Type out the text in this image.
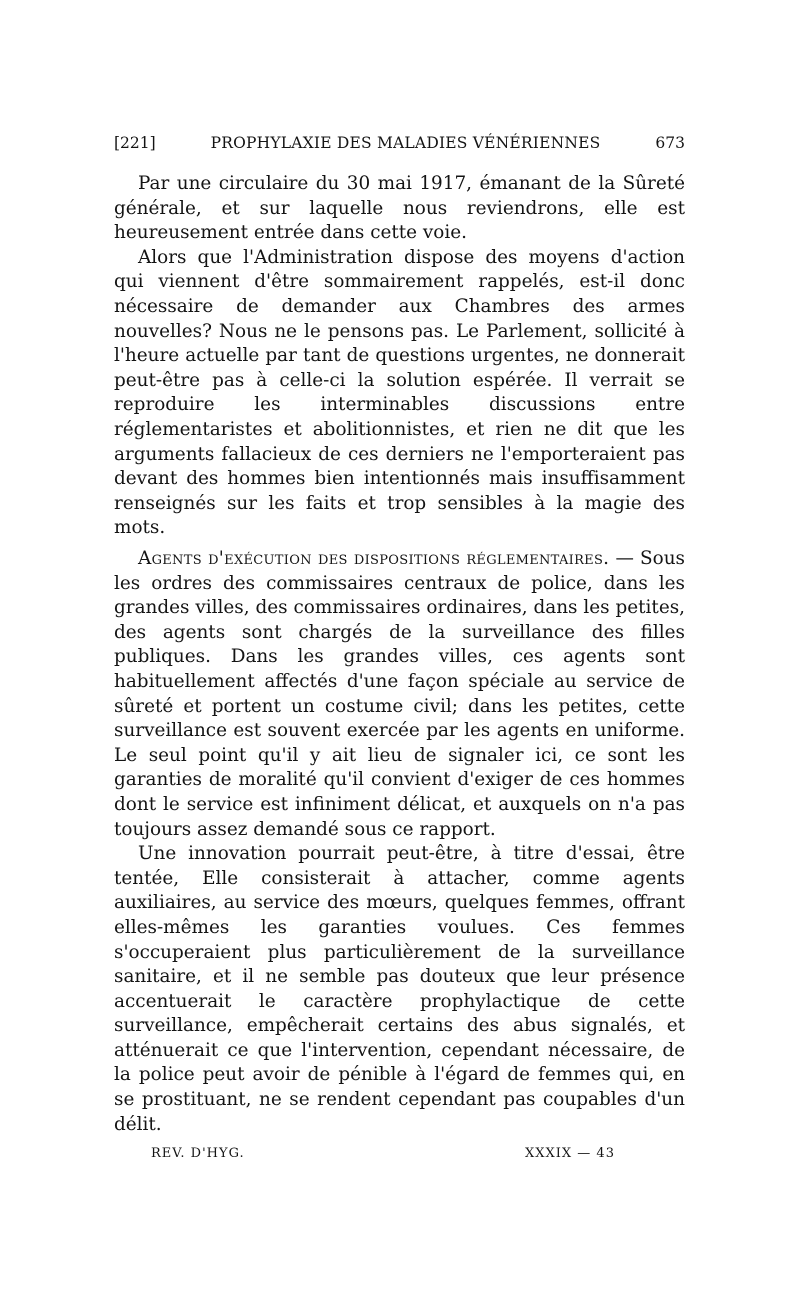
[221]	PROPHYLAXIE DES MALADIES VÉNÉRIENNES	673

Par une circulaire du 30 mai 1917, émanant de la Sûreté générale, et sur laquelle nous reviendrons, elle est heureusement entrée dans cette voie.

Alors que l'Administration dispose des moyens d'action qui viennent d'être sommairement rappelés, est-il donc nécessaire de demander aux Chambres des armes nouvelles? Nous ne le pensons pas. Le Parlement, sollicité à l'heure actuelle par tant de questions urgentes, ne donnerait peut-être pas à celle-ci la solution espérée. Il verrait se reproduire les interminables discussions entre réglementaristes et abolitionnistes, et rien ne dit que les arguments fallacieux de ces derniers ne l'emporteraient pas devant des hommes bien intentionnés mais insuffisamment renseignés sur les faits et trop sensibles à la magie des mots.

Agents d'exécution des dispositions réglementaires. — Sous les ordres des commissaires centraux de police, dans les grandes villes, des commissaires ordinaires, dans les petites, des agents sont chargés de la surveillance des filles publiques. Dans les grandes villes, ces agents sont habituellement affectés d'une façon spéciale au service de sûreté et portent un costume civil; dans les petites, cette surveillance est souvent exercée par les agents en uniforme. Le seul point qu'il y ait lieu de signaler ici, ce sont les garanties de moralité qu'il convient d'exiger de ces hommes dont le service est infiniment délicat, et auxquels on n'a pas toujours assez demandé sous ce rapport.

Une innovation pourrait peut-être, à titre d'essai, être tentée, Elle consisterait à attacher, comme agents auxiliaires, au service des mœurs, quelques femmes, offrant elles-mêmes les garanties voulues. Ces femmes s'occuperaient plus particulièrement de la surveillance sanitaire, et il ne semble pas douteux que leur présence accentuerait le caractère prophylactique de cette surveillance, empêcherait certains des abus signalés, et atténuerait ce que l'intervention, cependant nécessaire, de la police peut avoir de pénible à l'égard de femmes qui, en se prostituant, ne se rendent cependant pas coupables d'un délit.

REV. D'HYG.	XXXIX — 43
